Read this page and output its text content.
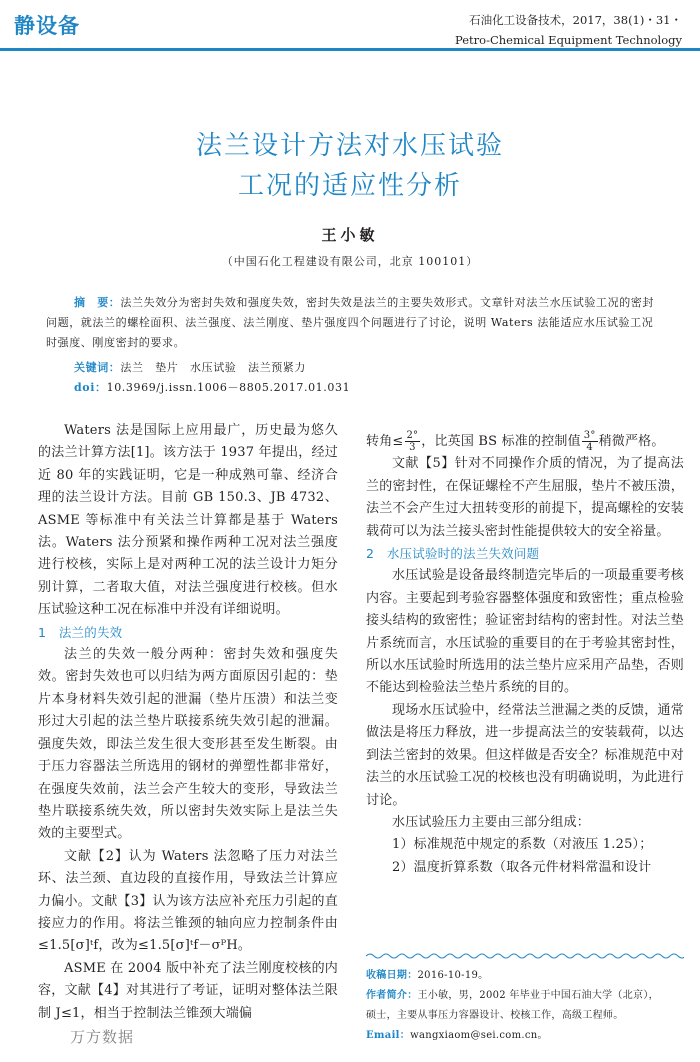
静设备	石油化工设备技术，2017，38(1)・31・
Petro-Chemical Equipment Technology
法兰设计方法对水压试验
工况的适应性分析
王小敏
（中国石化工程建设有限公司，北京 100101）
摘　要：法兰失效分为密封失效和强度失效，密封失效是法兰的主要失效形式。文章针对法兰水压试验工况的密封问题，就法兰的螺栓面积、法兰强度、法兰刚度、垫片强度四个问题进行了讨论，说明 Waters 法能适应水压试验工况时强度、刚度密封的要求。
关键词：法兰　垫片　水压试验　法兰预紧力
doi：10.3969/j.issn.1006－8805.2017.01.031

Waters 法是国际上应用最广，历史最为悠久的法兰计算方法[1]。该方法于 1937 年提出，经过近 80 年的实践证明，它是一种成熟可靠、经济合理的法兰设计方法。目前 GB 150.3、JB 4732、ASME 等标准中有关法兰计算都是基于 Waters 法。Waters 法分预紧和操作两种工况对法兰强度进行校核，实际上是对两种工况的法兰设计力矩分别计算，二者取大值，对法兰强度进行校核。但水压试验这种工况在标准中并没有详细说明。

1　法兰的失效

法兰的失效一般分两种：密封失效和强度失效。密封失效也可以归结为两方面原因引起的：垫片本身材料失效引起的泄漏（垫片压溃）和法兰变形过大引起的法兰垫片联接系统失效引起的泄漏。强度失效，即法兰发生很大变形甚至发生断裂。由于压力容器法兰所选用的钢材的弹塑性都非常好，在强度失效前，法兰会产生较大的变形，导致法兰垫片联接系统失效，所以密封失效实际上是法兰失效的主要型式。

文献【2】认为 Waters 法忽略了压力对法兰环、法兰颈、直边段的直接作用，导致法兰计算应力偏小。文献【3】认为该方法应补充压力引起的直接应力的作用。将法兰锥颈的轴向应力控制条件由≤1.5[σ]ᵗf，改为≤1.5[σ]ᵗf－σᴾH。

ASME 在 2004 版中补充了法兰刚度校核的内容，文献【4】对其进行了考证，证明对整体法兰限制 J≤1，相当于控制法兰锥颈大端偏

转角≤ $\frac{2^\circ}{3}$ ，比英国 BS 标准的控制值 $\frac{3^\circ}{4}$ 稍微严格。

文献【5】针对不同操作介质的情况，为了提高法兰的密封性，在保证螺栓不产生屈服，垫片不被压溃，法兰不会产生过大扭转变形的前提下，提高螺栓的安装载荷可以为法兰接头密封性能提供较大的安全裕量。

2　水压试验时的法兰失效问题

水压试验是设备最终制造完毕后的一项最重要考核内容。主要起到考验容器整体强度和致密性；重点检验接头结构的致密性；验证密封结构的密封性。对法兰垫片系统而言，水压试验的重要目的在于考验其密封性，所以水压试验时所选用的法兰垫片应采用产品垫，否则不能达到检验法兰垫片系统的目的。

现场水压试验中，经常法兰泄漏之类的反馈，通常做法是将压力释放，进一步提高法兰的安装载荷，以达到法兰密封的效果。但这样做是否安全？标准规范中对法兰的水压试验工况的校核也没有明确说明，为此进行讨论。

水压试验压力主要由三部分组成：

1）标准规范中规定的系数（对液压 1.25）；

2）温度折算系数（取各元件材料常温和设计

收稿日期：2016-10-19。
作者简介：王小敏，男，2002 年毕业于中国石油大学（北京），
硕士，主要从事压力容器设计、校核工作，高级工程师。
Email：wangxiaom@sei.com.cn。
万方数据
